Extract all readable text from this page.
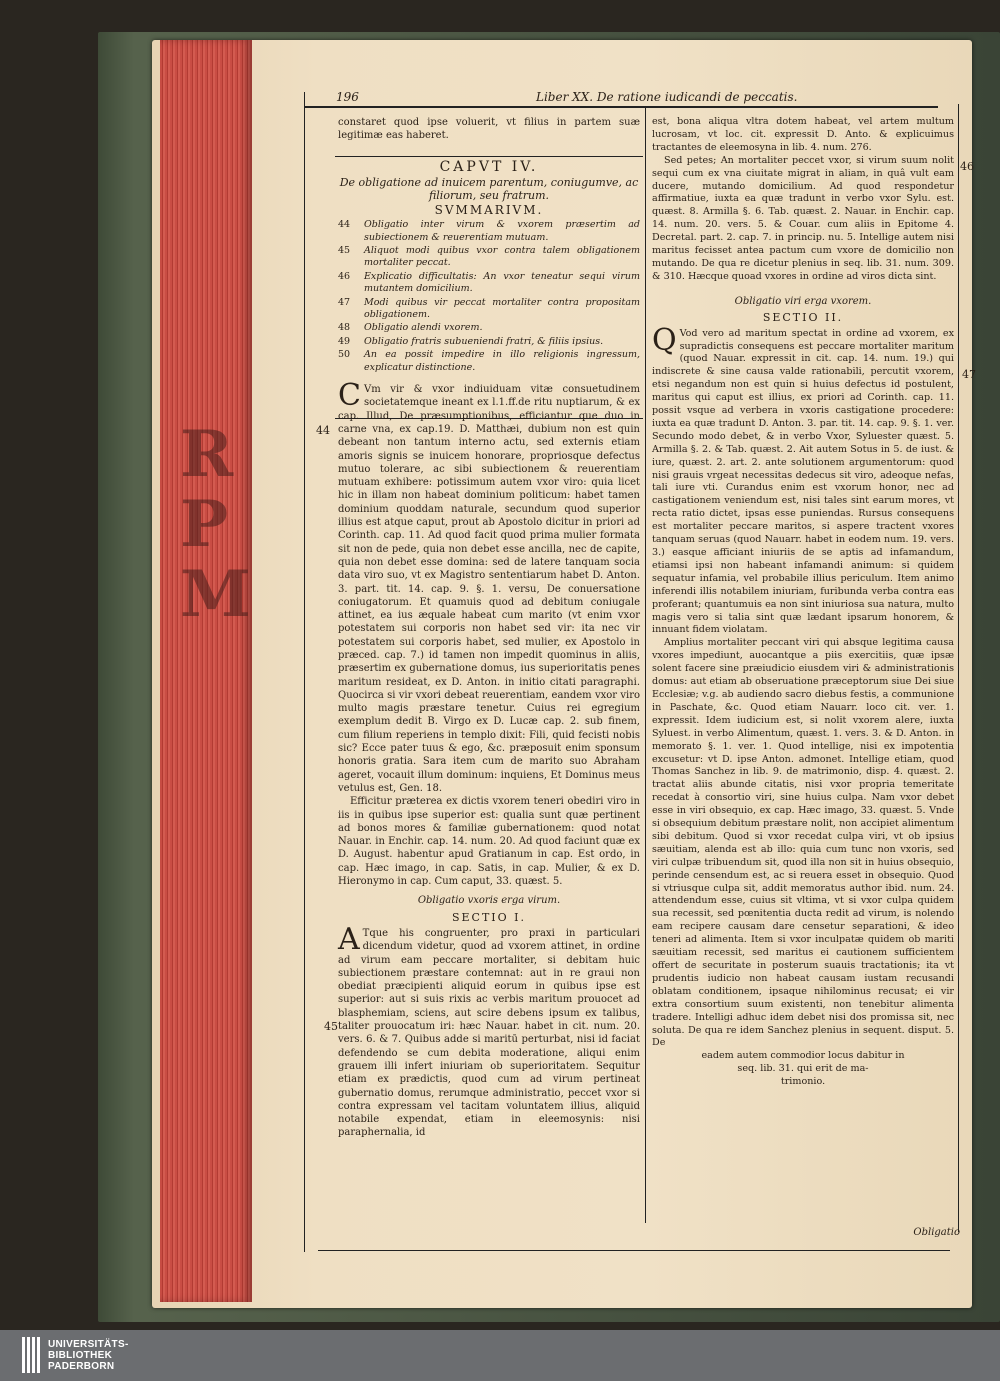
R
P
M
196	Liber XX. De ratione iudicandi de peccatis.
44
45
46
47

constaret quod ipse voluerit, vt filius in partem suæ legitimæ eas haberet.

CAPVT IV.
De obligatione ad inuicem parentum, coniugumve, ac filiorum, seu fratrum.
SVMMARIVM.
44	Obligatio inter virum & vxorem præsertim ad subiectionem & reuerentiam mutuam.
45	Aliquot modi quibus vxor contra talem obligationem mortaliter peccat.
46	Explicatio difficultatis: An vxor teneatur sequi virum mutantem domicilium.
47	Modi quibus vir peccat mortaliter contra propositam obligationem.
48	Obligatio alendi vxorem.
49	Obligatio fratris subueniendi fratri, & filiis ipsius.
50	An ea possit impedire in illo religionis ingressum, explicatur distinctione.

C Vm vir & vxor indiuiduam vitæ consuetudinem societatemque ineant ex l.1.ff.de ritu nuptiarum, & ex cap. Illud, De præsumptionibus, efficiantur que duo in carne vna, ex cap.19. D. Matthæi, dubium non est quin debeant non tantum interno actu, sed externis etiam amoris signis se inuicem honorare, propriosque defectus mutuo tolerare, ac sibi subiectionem & reuerentiam mutuam exhibere: potissimum autem vxor viro: quia licet hic in illam non habeat dominium politicum: habet tamen dominium quoddam naturale, secundum quod superior illius est atque caput, prout ab Apostolo dicitur in priori ad Corinth. cap. 11. Ad quod facit quod prima mulier formata sit non de pede, quia non debet esse ancilla, nec de capite, quia non debet esse domina: sed de latere tanquam socia data viro suo, vt ex Magistro sententiarum habet D. Anton. 3. part. tit. 14. cap. 9. §. 1. versu, De conuersatione coniugatorum. Et quamuis quod ad debitum coniugale attinet, ea ius æquale habeat cum marito (vt enim vxor potestatem sui corporis non habet sed vir: ita nec vir potestatem sui corporis habet, sed mulier, ex Apostolo in præced. cap. 7.) id tamen non impedit quominus in aliis, præsertim ex gubernatione domus, ius superioritatis penes maritum resideat, ex D. Anton. in initio citati paragraphi. Quocirca si vir vxori debeat reuerentiam, eandem vxor viro multo magis præstare tenetur. Cuius rei egregium exemplum dedit B. Virgo ex D. Lucæ cap. 2. sub finem, cum filium reperiens in templo dixit: Fili, quid fecisti nobis sic? Ecce pater tuus & ego, &c. præposuit enim sponsum honoris gratia. Sara item cum de marito suo Abraham ageret, vocauit illum dominum: inquiens, Et Dominus meus vetulus est, Gen. 18.

Efficitur præterea ex dictis vxorem teneri obediri viro in iis in quibus ipse superior est: qualia sunt quæ pertinent ad bonos mores & familiæ gubernationem: quod notat Nauar. in Enchir. cap. 14. num. 20. Ad quod faciunt quæ ex D. August. habentur apud Gratianum in cap. Est ordo, in cap. Hæc imago, in cap. Satis, in cap. Mulier, & ex D. Hieronymo in cap. Cum caput, 33. quæst. 5.

Obligatio vxoris erga virum.
SECTIO I.

A Tque his congruenter, pro praxi in particulari dicendum videtur, quod ad vxorem attinet, in ordine ad virum eam peccare mortaliter, si debitam huic subiectionem præstare contemnat: aut in re graui non obediat præcipienti aliquid eorum in quibus ipse est superior: aut si suis rixis ac verbis maritum prouocet ad blasphemiam, sciens, aut scire debens ipsum ex talibus, taliter prouocatum iri: hæc Nauar. habet in cit. num. 20. vers. 6. & 7. Quibus adde si maritū perturbat, nisi id faciat defendendo se cum debita moderatione, aliqui enim grauem illi infert iniuriam ob superioritatem. Sequitur etiam ex prædictis, quod cum ad virum pertineat gubernatio domus, rerumque administratio, peccet vxor si contra expressam vel tacitam voluntatem illius, aliquid notabile expendat, etiam in eleemosynis: nisi paraphernalia, id

est, bona aliqua vltra dotem habeat, vel artem multum lucrosam, vt loc. cit. expressit D. Anto. & explicuimus tractantes de eleemosyna in lib. 4. num. 276.

Sed petes; An mortaliter peccet vxor, si virum suum nolit sequi cum ex vna ciuitate migrat in aliam, in quâ vult eam ducere, mutando domicilium. Ad quod respondetur affirmatiue, iuxta ea quæ tradunt in verbo vxor Sylu. est. quæst. 8. Armilla §. 6. Tab. quæst. 2. Nauar. in Enchir. cap. 14. num. 20. vers. 5. & Couar. cum aliis in Epitome 4. Decretal. part. 2. cap. 7. in princip. nu. 5. Intellige autem nisi maritus fecisset antea pactum cum vxore de domicilio non mutando. De qua re dicetur plenius in seq. lib. 31. num. 309. & 310. Hæcque quoad vxores in ordine ad viros dicta sint.

Obligatio viri erga vxorem.
SECTIO II.

Q Vod vero ad maritum spectat in ordine ad vxorem, ex supradictis consequens est peccare mortaliter maritum (quod Nauar. expressit in cit. cap. 14. num. 19.) qui indiscrete & sine causa valde rationabili, percutit vxorem, etsi negandum non est quin si huius defectus id postulent, maritus qui caput est illius, ex priori ad Corinth. cap. 11. possit vsque ad verbera in vxoris castigatione procedere: iuxta ea quæ tradunt D. Anton. 3. par. tit. 14. cap. 9. §. 1. ver. Secundo modo debet, & in verbo Vxor, Syluester quæst. 5. Armilla §. 2. & Tab. quæst. 2. Ait autem Sotus in 5. de iust. & iure, quæst. 2. art. 2. ante solutionem argumentorum: quod nisi grauis vrgeat necessitas dedecus sit viro, adeoque nefas, tali iure vti. Curandus enim est vxorum honor, nec ad castigationem veniendum est, nisi tales sint earum mores, vt recta ratio dictet, ipsas esse puniendas. Rursus consequens est mortaliter peccare maritos, si aspere tractent vxores tanquam seruas (quod Nauarr. habet in eodem num. 19. vers. 3.) easque afficiant iniuriis de se aptis ad infamandum, etiamsi ipsi non habeant infamandi animum: si quidem sequatur infamia, vel probabile illius periculum. Item animo inferendi illis notabilem iniuriam, furibunda verba contra eas proferant; quantumuis ea non sint iniuriosa sua natura, multo magis vero si talia sint quæ lædant ipsarum honorem, & innuant fidem violatam.

Amplius mortaliter peccant viri qui absque legitima causa vxores impediunt, auocantque a piis exercitiis, quæ ipsæ solent facere sine præiudicio eiusdem viri & administrationis domus: aut etiam ab obseruatione præceptorum siue Dei siue Ecclesiæ; v.g. ab audiendo sacro diebus festis, a communione in Paschate, &c. Quod etiam Nauarr. loco cit. ver. 1. expressit. Idem iudicium est, si nolit vxorem alere, iuxta Syluest. in verbo Alimentum, quæst. 1. vers. 3. & D. Anton. in memorato §. 1. ver. 1. Quod intellige, nisi ex impotentia excusetur: vt D. ipse Anton. admonet. Intellige etiam, quod Thomas Sanchez in lib. 9. de matrimonio, disp. 4. quæst. 2. tractat aliis abunde citatis, nisi vxor propria temeritate recedat à consortio viri, sine huius culpa. Nam vxor debet esse in viri obsequio, ex cap. Hæc imago, 33. quæst. 5. Vnde si obsequium debitum præstare nolit, non accipiet alimentum sibi debitum. Quod si vxor recedat culpa viri, vt ob ipsius sæuitiam, alenda est ab illo: quia cum tunc non vxoris, sed viri culpæ tribuendum sit, quod illa non sit in huius obsequio, perinde censendum est, ac si reuera esset in obsequio. Quod si vtriusque culpa sit, addit memoratus author ibid. num. 24. attendendum esse, cuius sit vltima, vt si vxor culpa quidem sua recessit, sed pœnitentia ducta redit ad virum, is nolendo eam recipere causam dare censetur separationi, & ideo teneri ad alimenta. Item si vxor inculpatæ quidem ob mariti sæuitiam recessit, sed maritus ei cautionem sufficientem offert de securitate in posterum suauis tractationis; ita vt prudentis iudicio non habeat causam iustam recusandi oblatam conditionem, ipsaque nihilominus recusat; ei vir extra consortium suum existenti, non tenebitur alimenta tradere. Intelligi adhuc idem debet nisi dos promissa sit, nec soluta. De qua re idem Sanchez plenius in sequent. disput. 5. De

eadem autem commodior locus dabitur in
seq. lib. 31. qui erit de ma-
trimonio.
Obligatio
UNIVERSITÄTS-
BIBLIOTHEK
PADERBORN
